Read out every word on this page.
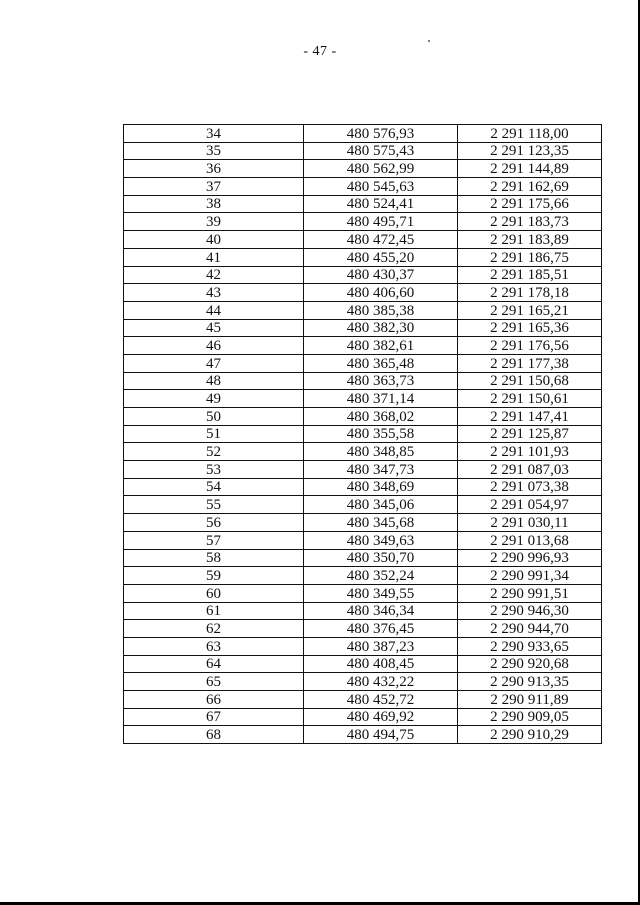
- 47 -
34	480 576,93	2 291 118,00
35	480 575,43	2 291 123,35
36	480 562,99	2 291 144,89
37	480 545,63	2 291 162,69
38	480 524,41	2 291 175,66
39	480 495,71	2 291 183,73
40	480 472,45	2 291 183,89
41	480 455,20	2 291 186,75
42	480 430,37	2 291 185,51
43	480 406,60	2 291 178,18
44	480 385,38	2 291 165,21
45	480 382,30	2 291 165,36
46	480 382,61	2 291 176,56
47	480 365,48	2 291 177,38
48	480 363,73	2 291 150,68
49	480 371,14	2 291 150,61
50	480 368,02	2 291 147,41
51	480 355,58	2 291 125,87
52	480 348,85	2 291 101,93
53	480 347,73	2 291 087,03
54	480 348,69	2 291 073,38
55	480 345,06	2 291 054,97
56	480 345,68	2 291 030,11
57	480 349,63	2 291 013,68
58	480 350,70	2 290 996,93
59	480 352,24	2 290 991,34
60	480 349,55	2 290 991,51
61	480 346,34	2 290 946,30
62	480 376,45	2 290 944,70
63	480 387,23	2 290 933,65
64	480 408,45	2 290 920,68
65	480 432,22	2 290 913,35
66	480 452,72	2 290 911,89
67	480 469,92	2 290 909,05
68	480 494,75	2 290 910,29
